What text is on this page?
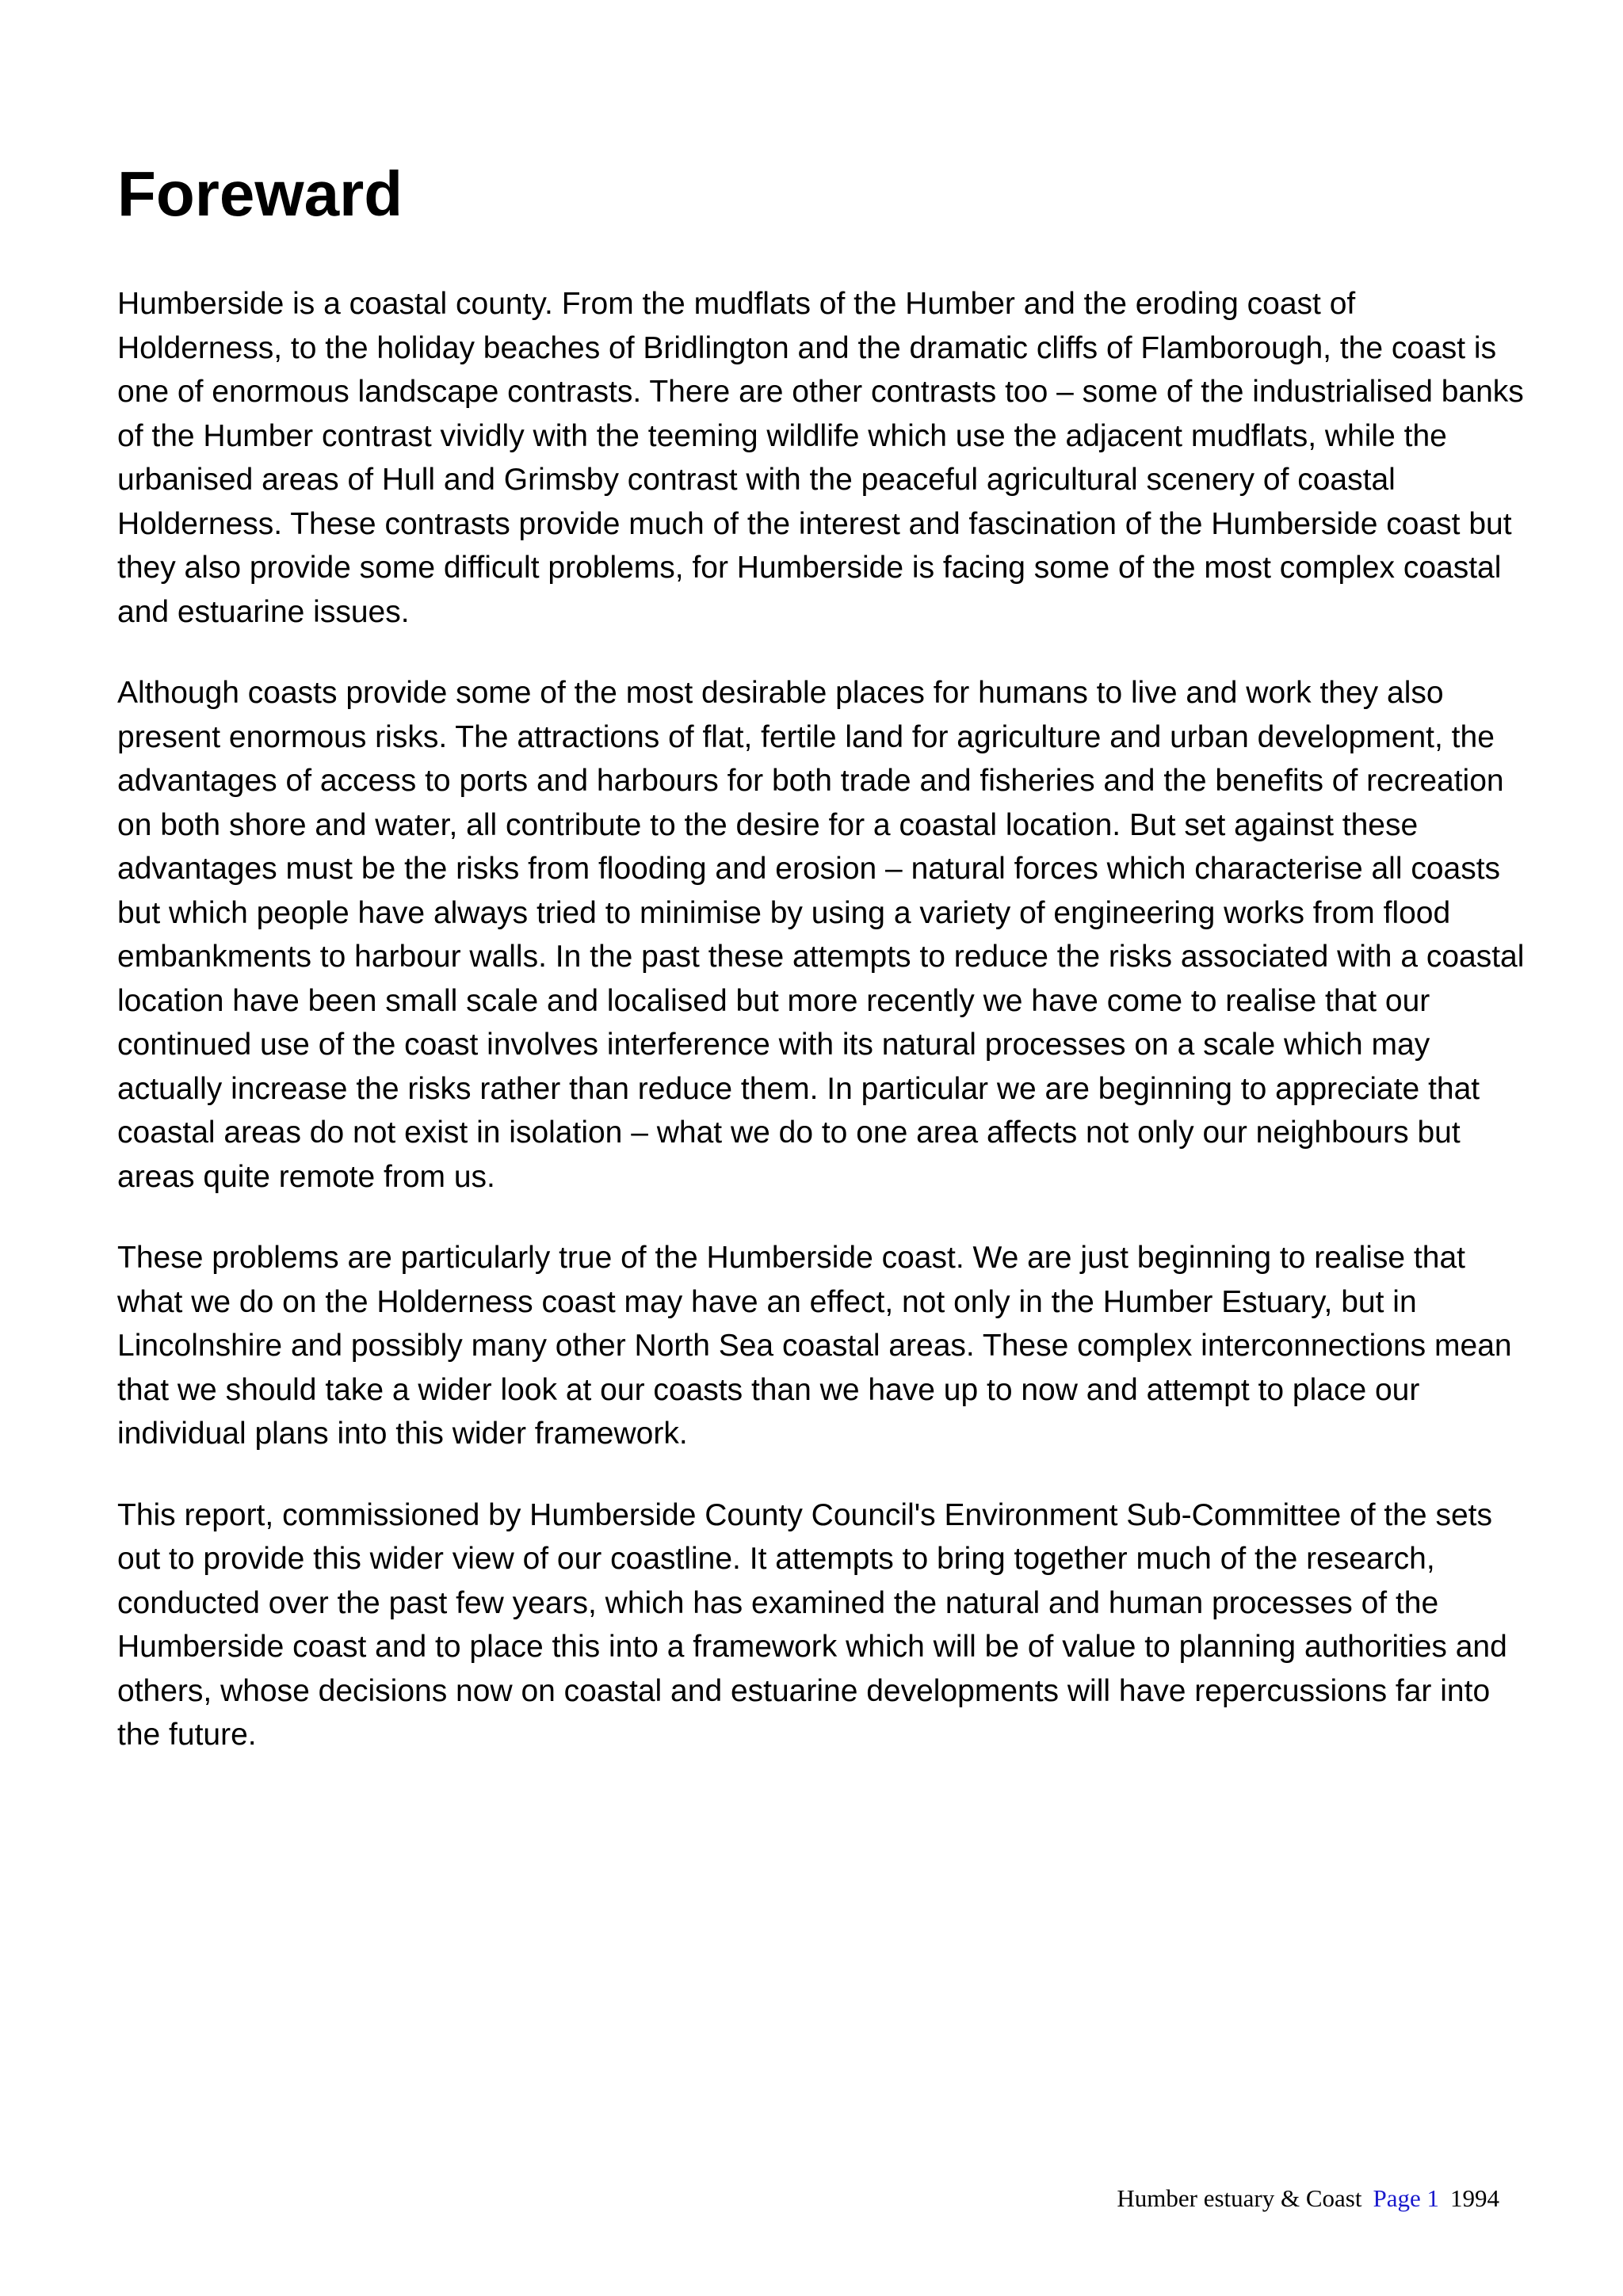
Foreward

Humberside is a coastal county. From the mudflats of the Humber and the eroding coast of Holderness, to the holiday beaches of Bridlington and the dramatic cliffs of Flamborough, the coast is one of enormous landscape contrasts. There are other contrasts too – some of the industrialised banks of the Humber contrast vividly with the teeming wildlife which use the adjacent mudflats, while the urbanised areas of Hull and Grimsby contrast with the peaceful agricultural scenery of coastal Holderness. These contrasts provide much of the interest and fascination of the Humberside coast but they also provide some difficult problems, for Humberside is facing some of the most complex coastal and estuarine issues.

Although coasts provide some of the most desirable places for humans to live and work they also present enormous risks. The attractions of flat, fertile land for agriculture and urban development, the advantages of access to ports and harbours for both trade and fisheries and the benefits of recreation on both shore and water, all contribute to the desire for a coastal location. But set against these advantages must be the risks from flooding and erosion – natural forces which characterise all coasts but which people have always tried to minimise by using a variety of engineering works from flood embankments to harbour walls. In the past these attempts to reduce the risks associated with a coastal location have been small scale and localised but more recently we have come to realise that our continued use of the coast involves interference with its natural processes on a scale which may actually increase the risks rather than reduce them. In particular we are beginning to appreciate that coastal areas do not exist in isolation – what we do to one area affects not only our neighbours but areas quite remote from us.

These problems are particularly true of the Humberside coast. We are just beginning to realise that what we do on the Holderness coast may have an effect, not only in the Humber Estuary, but in Lincolnshire and possibly many other North Sea coastal areas. These complex interconnections mean that we should take a wider look at our coasts than we have up to now and attempt to place our individual plans into this wider framework.

This report, commissioned by Humberside County Council's Environment Sub-Committee of the sets out to provide this wider view of our coastline. It attempts to bring together much of the research, conducted over the past few years, which has examined the natural and human processes of the Humberside coast and to place this into a framework which will be of value to planning authorities and others, whose decisions now on coastal and estuarine developments will have repercussions far into the future.

Humber estuary & Coast Page 1 1994
